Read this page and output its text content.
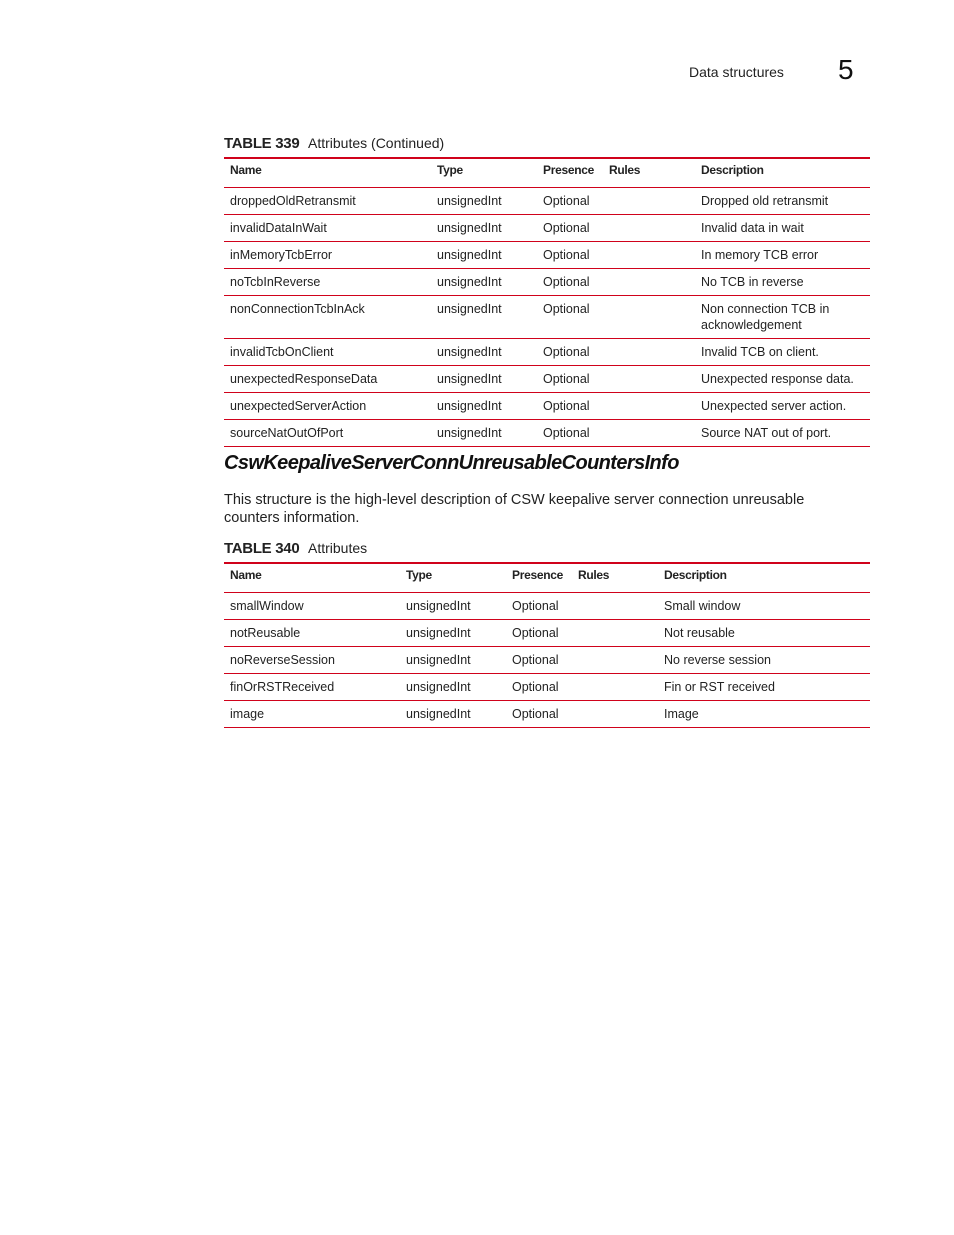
Data structures 5
TABLE 339 Attributes (Continued)
Name	Type	Presence	Rules	Description
droppedOldRetransmit	unsignedInt	Optional		Dropped old retransmit
invalidDataInWait	unsignedInt	Optional		Invalid data in wait
inMemoryTcbError	unsignedInt	Optional		In memory TCB error
noTcbInReverse	unsignedInt	Optional		No TCB in reverse
nonConnectionTcbInAck	unsignedInt	Optional		Non connection TCB in acknowledgement
invalidTcbOnClient	unsignedInt	Optional		Invalid TCB on client.
unexpectedResponseData	unsignedInt	Optional		Unexpected response data.
unexpectedServerAction	unsignedInt	Optional		Unexpected server action.
sourceNatOutOfPort	unsignedInt	Optional		Source NAT out of port.
CswKeepaliveServerConnUnreusableCountersInfo
This structure is the high-level description of CSW keepalive server connection unreusable counters information.
TABLE 340 Attributes
Name	Type	Presence	Rules	Description
smallWindow	unsignedInt	Optional		Small window
notReusable	unsignedInt	Optional		Not reusable
noReverseSession	unsignedInt	Optional		No reverse session
finOrRSTReceived	unsignedInt	Optional		Fin or RST received
image	unsignedInt	Optional		Image
